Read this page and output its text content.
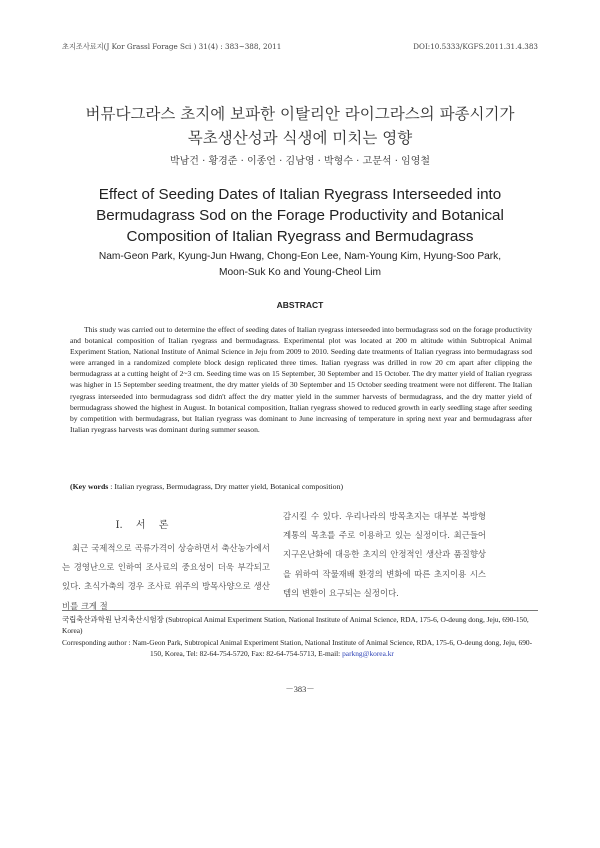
초지조사료지(J Kor Grassl Forage Sci ) 31(4) : 383~388, 2011	DOI:10.5333/KGFS.2011.31.4.383
버뮤다그라스 초지에 보파한 이탈리안 라이그라스의 파종시기가
목초생산성과 식생에 미치는 영향
박남건 · 황경준 · 이종언 · 김남영 · 박형수 · 고문석 · 임영철
Effect of Seeding Dates of Italian Ryegrass Interseeded into
Bermudagrass Sod on the Forage Productivity and Botanical
Composition of Italian Ryegrass and Bermudagrass
Nam-Geon Park, Kyung-Jun Hwang, Chong-Eon Lee, Nam-Young Kim, Hyung-Soo Park,
Moon-Suk Ko and Young-Cheol Lim
ABSTRACT

This study was carried out to determine the effect of seeding dates of Italian ryegrass interseeded into bermudagrass sod on the forage productivity and botanical composition of Italian ryegrass and bermudagrass. Experimental plot was located at 200 m altitude within Subtropical Animal Experiment Station, National Institute of Animal Science in Jeju from 2009 to 2010. Seeding date treatments of Italian ryegrass into bermudagrass sod were arranged in a randomized complete block design replicated three times. Italian ryegrass was drilled in row 20 cm apart after clipping the bermudagrass at a cutting height of 2~3 cm. Seeding time was on 15 September, 30 September and 15 October. The dry matter yield of Italian ryegrass was higher in 15 September seeding treatment, the dry matter yields of 30 September and 15 October seeding treatment were not different. The Italian ryegrass interseeded into bermudagrass sod didn't affect the dry matter yield in the summer harvests of bermudagrass, and the dry matter yield of bermudagrass showed the highest in August. In botanical composition, Italian ryegrass showed to reduced growth in early seedling stage after seeding by competition with bermudagrass, but Italian ryegrass was dominant to June increasing of temperature in spring next year and bermudagrass after Italian ryegrass harvests was dominant during summer season.

(Key words : Italian ryegrass, Bermudagrass, Dry matter yield, Botanical composition)
Ⅰ. 서 론

최근 국제적으로 곡류가격이 상승하면서 축산농가에서는 경영난으로 인하여 조사료의 중요성이 더욱 부각되고 있다. 초식가축의 경우 조사료 위주의 방목사양으로 생산비를 크게 절

감시킬 수 있다. 우리나라의 방목초지는 대부분 북방형계통의 목초를 주로 이용하고 있는 실정이다. 최근들어 지구온난화에 대응한 초지의 안정적인 생산과 품질향상을 위하여 작물재배 환경의 변화에 따른 초지이용 시스템의 변환이 요구되는 실정이다.

국립축산과학원 난지축산시험장 (Subtropical Animal Experiment Station, National Institute of Animal Science, RDA, 175-6, O-deung dong, Jeju, 690-150, Korea)

Corresponding author : Nam-Geon Park, Subtropical Animal Experiment Station, National Institute of Animal Science, RDA, 175-6, O-deung dong, Jeju, 690-150, Korea, Tel: 82-64-754-5720, Fax: 82-64-754-5713, E-mail: parkng@korea.kr

－383－
